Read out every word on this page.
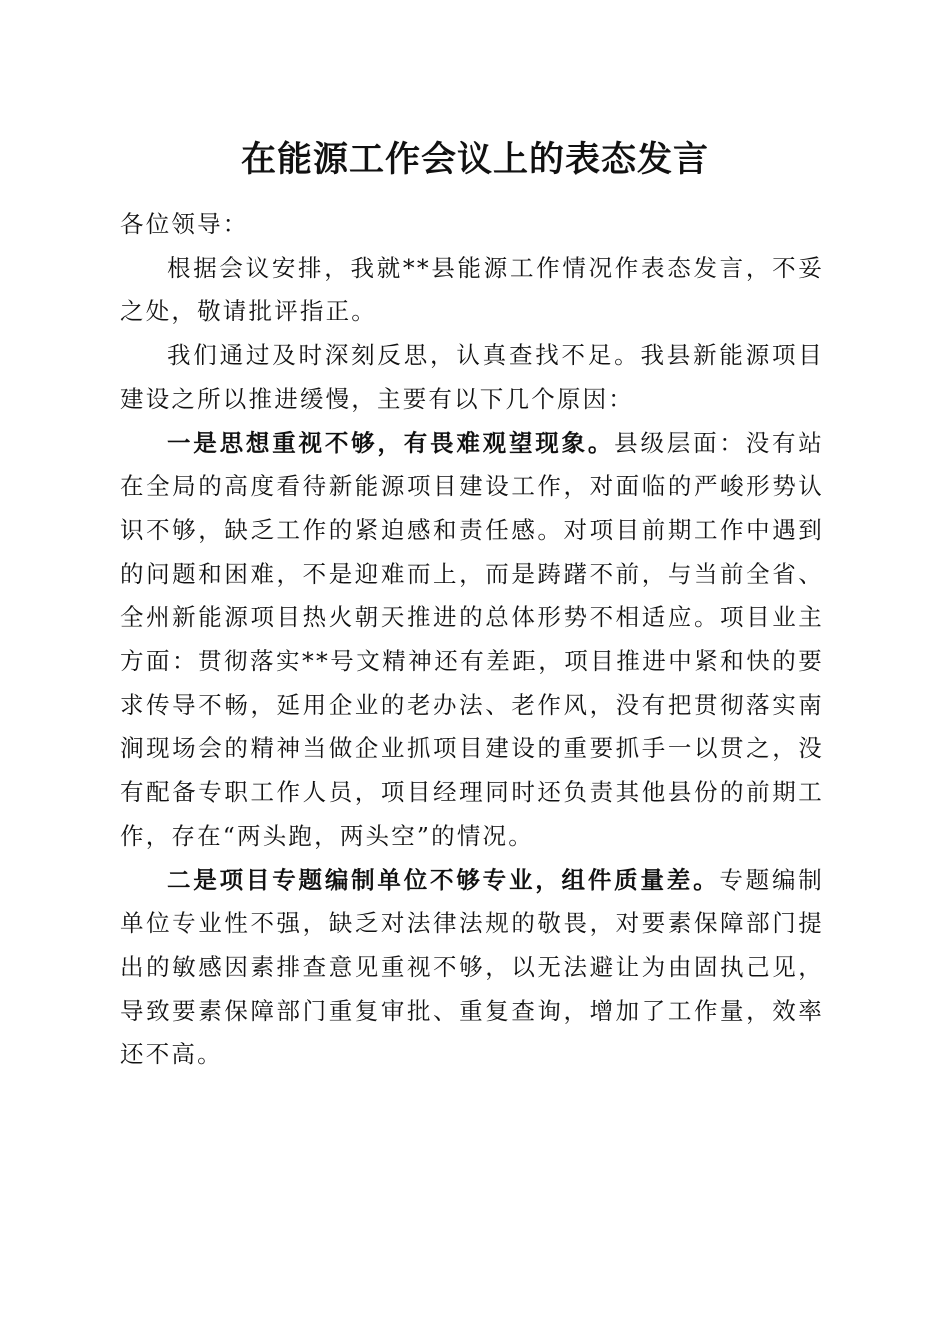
在能源工作会议上的表态发言

各位领导：

根据会议安排，我就**县能源工作情况作表态发言，不妥之处，敬请批评指正。

我们通过及时深刻反思，认真查找不足。我县新能源项目建设之所以推进缓慢，主要有以下几个原因：

一是思想重视不够，有畏难观望现象。县级层面：没有站在全局的高度看待新能源项目建设工作，对面临的严峻形势认识不够，缺乏工作的紧迫感和责任感。对项目前期工作中遇到的问题和困难，不是迎难而上，而是踌躇不前，与当前全省、全州新能源项目热火朝天推进的总体形势不相适应。项目业主方面：贯彻落实**号文精神还有差距，项目推进中紧和快的要求传导不畅，延用企业的老办法、老作风，没有把贯彻落实南涧现场会的精神当做企业抓项目建设的重要抓手一以贯之，没有配备专职工作人员，项目经理同时还负责其他县份的前期工作，存在“两头跑，两头空”的情况。

二是项目专题编制单位不够专业，组件质量差。专题编制单位专业性不强，缺乏对法律法规的敬畏，对要素保障部门提出的敏感因素排查意见重视不够，以无法避让为由固执己见，导致要素保障部门重复审批、重复查询，增加了工作量，效率还不高。
